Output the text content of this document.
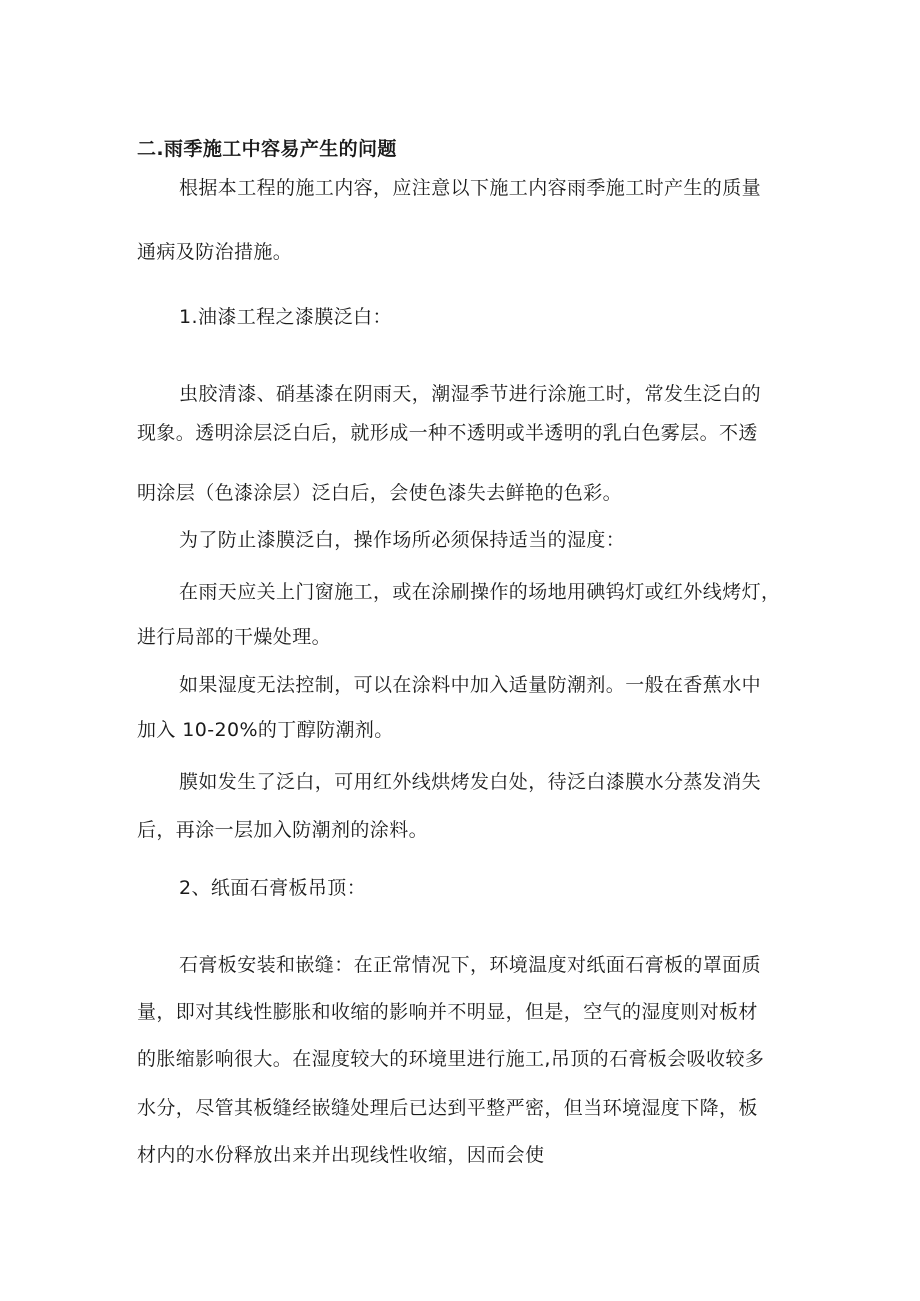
二.雨季施工中容易产生的问题
根据本工程的施工内容，应注意以下施工内容雨季施工时产生的质量
通病及防治措施。
1.油漆工程之漆膜泛白：
虫胶清漆、硝基漆在阴雨天，潮湿季节进行涂施工时，常发生泛白的
现象。透明涂层泛白后，就形成一种不透明或半透明的乳白色雾层。不透
明涂层（色漆涂层）泛白后，会使色漆失去鲜艳的色彩。
为了防止漆膜泛白，操作场所必须保持适当的湿度：
在雨天应关上门窗施工，或在涂刷操作的场地用碘钨灯或红外线烤灯，
进行局部的干燥处理。
如果湿度无法控制，可以在涂料中加入适量防潮剂。一般在香蕉水中
加入 10-20%的丁醇防潮剂。
膜如发生了泛白，可用红外线烘烤发白处，待泛白漆膜水分蒸发消失
后，再涂一层加入防潮剂的涂料。
2、纸面石膏板吊顶：
石膏板安装和嵌缝：在正常情况下，环境温度对纸面石膏板的罩面质
量，即对其线性膨胀和收缩的影响并不明显，但是，空气的湿度则对板材
的胀缩影响很大。在湿度较大的环境里进行施工,吊顶的石膏板会吸收较多
水分，尽管其板缝经嵌缝处理后已达到平整严密，但当环境湿度下降，板
材内的水份释放出来并出现线性收缩，因而会使
